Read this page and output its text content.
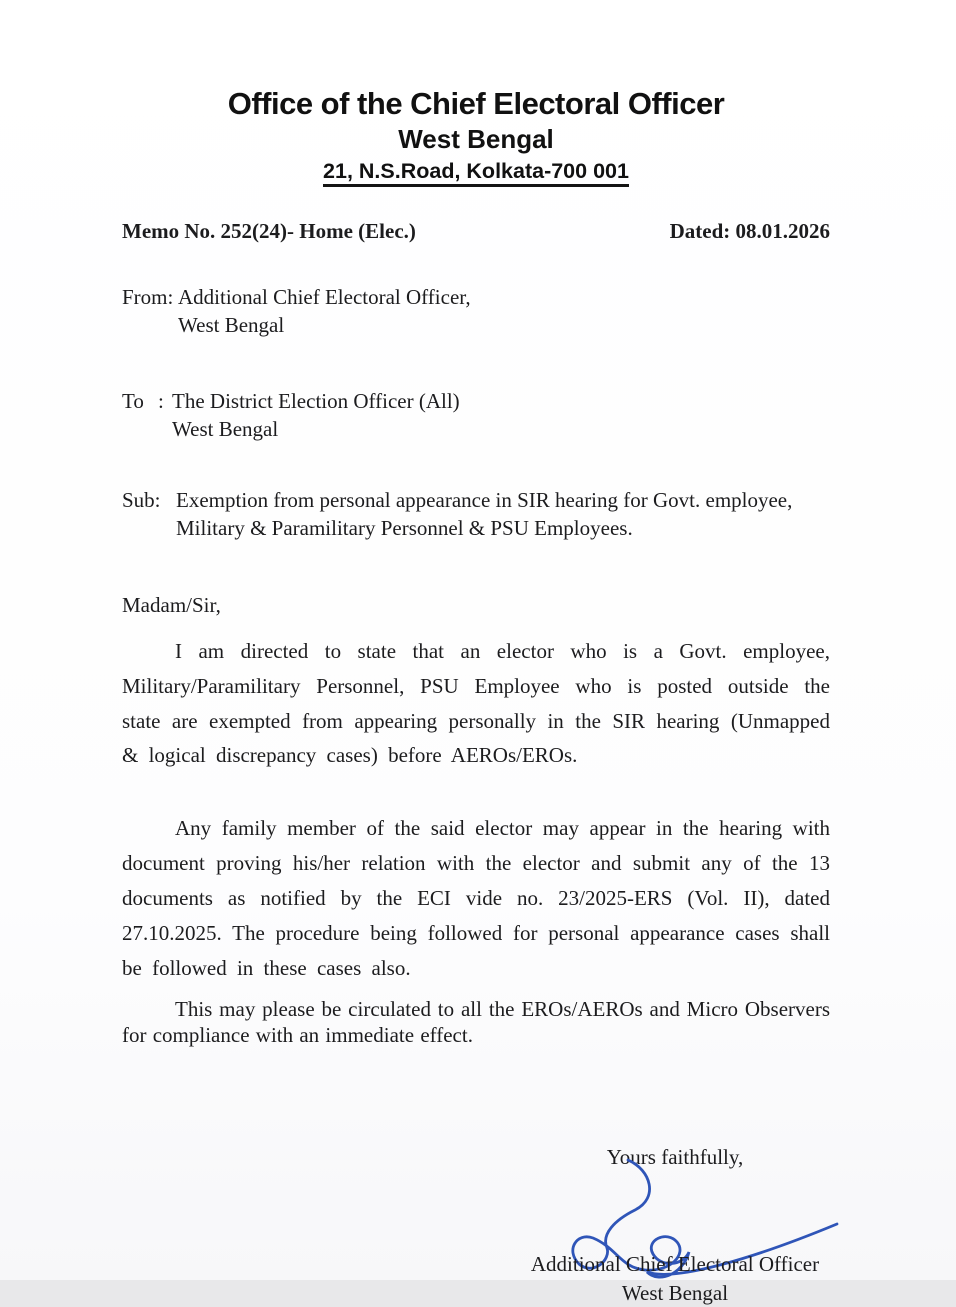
Office of the Chief Electoral Officer
West Bengal
21, N.S.Road, Kolkata-700 001
Memo No. 252(24)- Home (Elec.)	Dated: 08.01.2026
From: Additional Chief Electoral Officer,
West Bengal
To : The District Election Officer (All)
West Bengal
Sub: Exemption from personal appearance in SIR hearing for Govt. employee,
Military & Paramilitary Personnel & PSU Employees.
Madam/Sir,

I am directed to state that an elector who is a Govt. employee, Military/Paramilitary Personnel, PSU Employee who is posted outside the state are exempted from appearing personally in the SIR hearing (Unmapped & logical discrepancy cases) before AEROs/EROs.

Any family member of the said elector may appear in the hearing with document proving his/her relation with the elector and submit any of the 13 documents as notified by the ECI vide no. 23/2025-ERS (Vol. II), dated 27.10.2025. The procedure being followed for personal appearance cases shall be followed in these cases also.

This may please be circulated to all the EROs/AEROs and Micro Observers for compliance with an immediate effect.

Yours faithfully,
Additional Chief Electoral Officer
West Bengal
